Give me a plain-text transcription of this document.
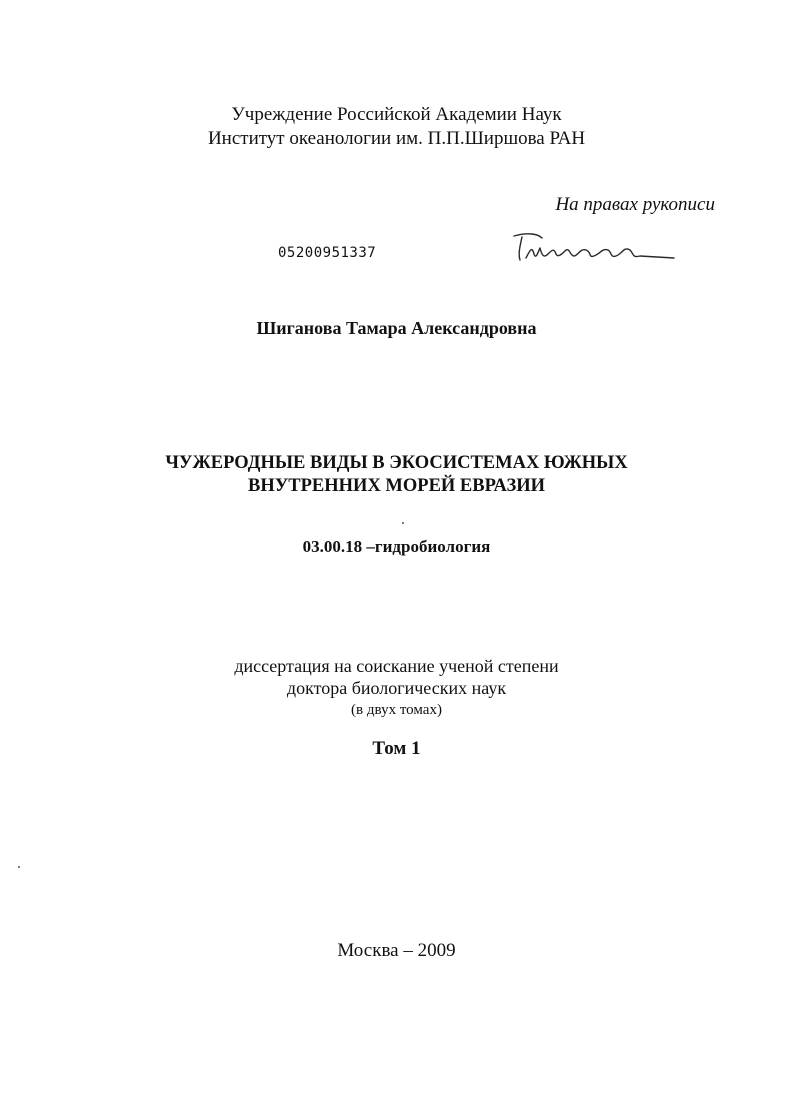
Учреждение Российской Академии Наук
Институт океанологии им. П.П.Ширшова РАН
На правах рукописи
05200951337
Шиганова Тамара Александровна
ЧУЖЕРОДНЫЕ ВИДЫ В ЭКОСИСТЕМАХ ЮЖНЫХ
ВНУТРЕННИХ МОРЕЙ ЕВРАЗИИ
03.00.18 –гидробиология
диссертация на соискание ученой степени
доктора биологических наук
(в двух томах)
Том 1
Москва – 2009
